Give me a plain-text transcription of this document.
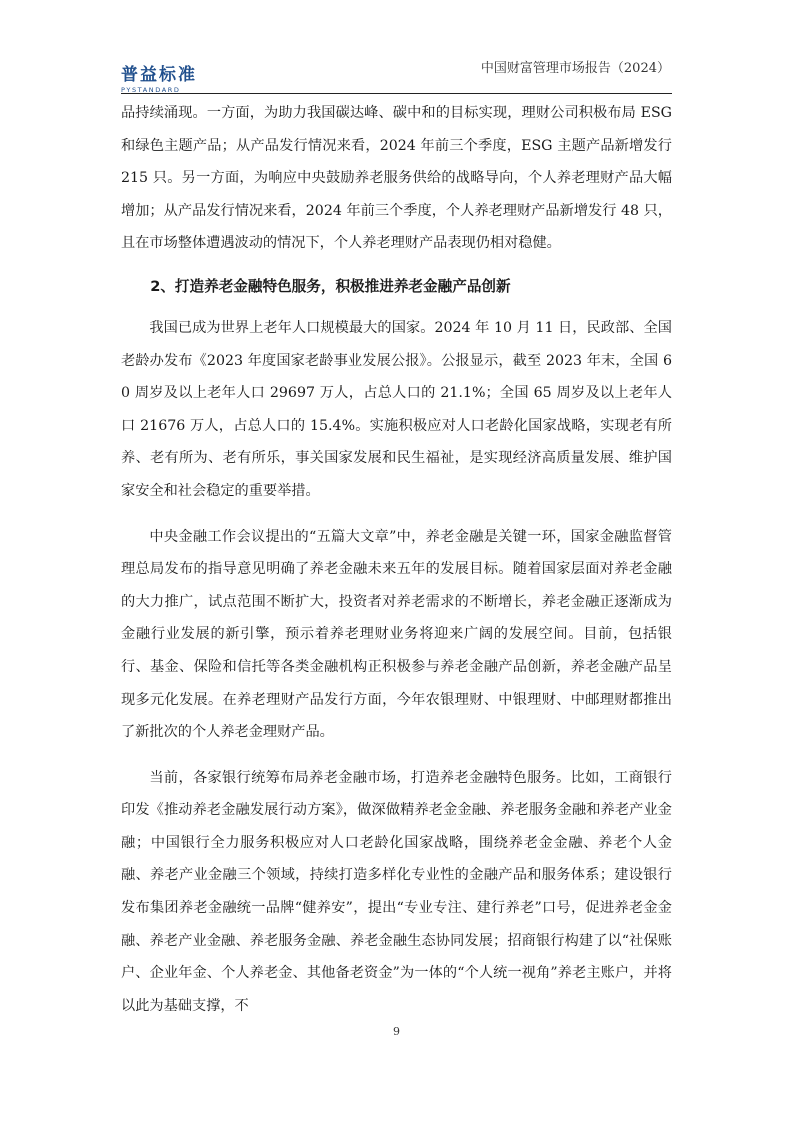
普益标准
PYSTANDARD
中国财富管理市场报告（2024）

品持续涌现。一方面，为助力我国碳达峰、碳中和的目标实现，理财公司积极布局 ESG 和绿色主题产品；从产品发行情况来看，2024 年前三个季度，ESG 主题产品新增发行 215 只。另一方面，为响应中央鼓励养老服务供给的战略导向，个人养老理财产品大幅增加；从产品发行情况来看，2024 年前三个季度，个人养老理财产品新增发行 48 只，且在市场整体遭遇波动的情况下，个人养老理财产品表现仍相对稳健。

2、打造养老金融特色服务，积极推进养老金融产品创新

我国已成为世界上老年人口规模最大的国家。2024 年 10 月 11 日，民政部、全国老龄办发布《2023 年度国家老龄事业发展公报》。公报显示，截至 2023 年末，全国 60 周岁及以上老年人口 29697 万人，占总人口的 21.1%；全国 65 周岁及以上老年人口 21676 万人，占总人口的 15.4%。实施积极应对人口老龄化国家战略，实现老有所养、老有所为、老有所乐，事关国家发展和民生福祉，是实现经济高质量发展、维护国家安全和社会稳定的重要举措。

中央金融工作会议提出的“五篇大文章”中，养老金融是关键一环，国家金融监督管理总局发布的指导意见明确了养老金融未来五年的发展目标。随着国家层面对养老金融的大力推广，试点范围不断扩大，投资者对养老需求的不断增长，养老金融正逐渐成为金融行业发展的新引擎，预示着养老理财业务将迎来广阔的发展空间。目前，包括银行、基金、保险和信托等各类金融机构正积极参与养老金融产品创新，养老金融产品呈现多元化发展。在养老理财产品发行方面，今年农银理财、中银理财、中邮理财都推出了新批次的个人养老金理财产品。

当前，各家银行统筹布局养老金融市场，打造养老金融特色服务。比如，工商银行印发《推动养老金融发展行动方案》，做深做精养老金金融、养老服务金融和养老产业金融；中国银行全力服务积极应对人口老龄化国家战略，围绕养老金金融、养老个人金融、养老产业金融三个领域，持续打造多样化专业性的金融产品和服务体系；建设银行发布集团养老金融统一品牌“健养安”，提出“专业专注、建行养老”口号，促进养老金金融、养老产业金融、养老服务金融、养老金融生态协同发展；招商银行构建了以“社保账户、企业年金、个人养老金、其他备老资金”为一体的“个人统一视角”养老主账户，并将以此为基础支撑，不

9
